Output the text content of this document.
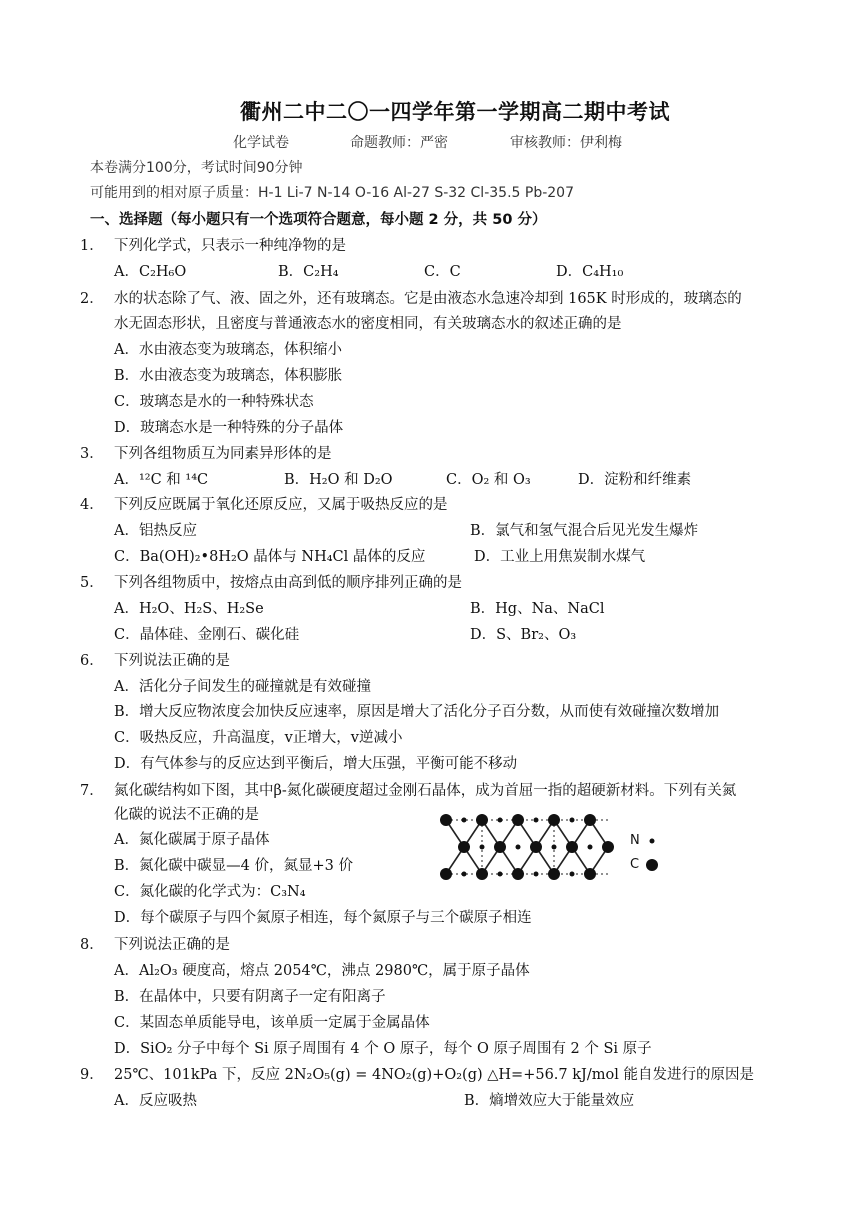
衢州二中二〇一四学年第一学期高二期中考试
化学试卷	命题教师：严密	审核教师：伊利梅
本卷满分100分，考试时间90分钟
可能用到的相对原子质量：H-1 Li-7 N-14 O-16 Al-27 S-32 Cl-35.5 Pb-207
一、选择题（每小题只有一个选项符合题意，每小题 2 分，共 50 分）
1． 下列化学式，只表示一种纯净物的是
A．C₂H₆O	B．C₂H₄	C．C	D．C₄H₁₀
2． 水的状态除了气、液、固之外，还有玻璃态。它是由液态水急速冷却到 165K 时形成的，玻璃态的
水无固态形状，且密度与普通液态水的密度相同，有关玻璃态水的叙述正确的是
A．水由液态变为玻璃态，体积缩小
B．水由液态变为玻璃态，体积膨胀
C．玻璃态是水的一种特殊状态
D．玻璃态水是一种特殊的分子晶体
3． 下列各组物质互为同素异形体的是
A．¹²C 和 ¹⁴C	B．H₂O 和 D₂O	C．O₂ 和 O₃	D．淀粉和纤维素
4． 下列反应既属于氧化还原反应，又属于吸热反应的是
A．铝热反应	B．氯气和氢气混合后见光发生爆炸
C．Ba(OH)₂•8H₂O 晶体与 NH₄Cl 晶体的反应	D．工业上用焦炭制水煤气
5． 下列各组物质中，按熔点由高到低的顺序排列正确的是
A．H₂O、H₂S、H₂Se	B．Hg、Na、NaCl
C．晶体硅、金刚石、碳化硅	D．S、Br₂、O₃
6． 下列说法正确的是
A．活化分子间发生的碰撞就是有效碰撞
B．增大反应物浓度会加快反应速率，原因是增大了活化分子百分数，从而使有效碰撞次数增加
C．吸热反应，升高温度，v正增大，v逆减小
D．有气体参与的反应达到平衡后，增大压强，平衡可能不移动
7． 氮化碳结构如下图，其中β-氮化碳硬度超过金刚石晶体，成为首屈一指的超硬新材料。下列有关氮
化碳的说法不正确的是
A．氮化碳属于原子晶体
B．氮化碳中碳显—4 价，氮显+3 价
C．氮化碳的化学式为：C₃N₄
D．每个碳原子与四个氮原子相连，每个氮原子与三个碳原子相连
N
C
8． 下列说法正确的是
A．Al₂O₃ 硬度高，熔点 2054℃，沸点 2980℃，属于原子晶体
B．在晶体中，只要有阴离子一定有阳离子
C．某固态单质能导电，该单质一定属于金属晶体
D．SiO₂ 分子中每个 Si 原子周围有 4 个 O 原子，每个 O 原子周围有 2 个 Si 原子
9． 25℃、101kPa 下，反应 2N₂O₅(g) = 4NO₂(g)+O₂(g) △H=+56.7 kJ/mol 能自发进行的原因是
A．反应吸热	B．熵增效应大于能量效应
